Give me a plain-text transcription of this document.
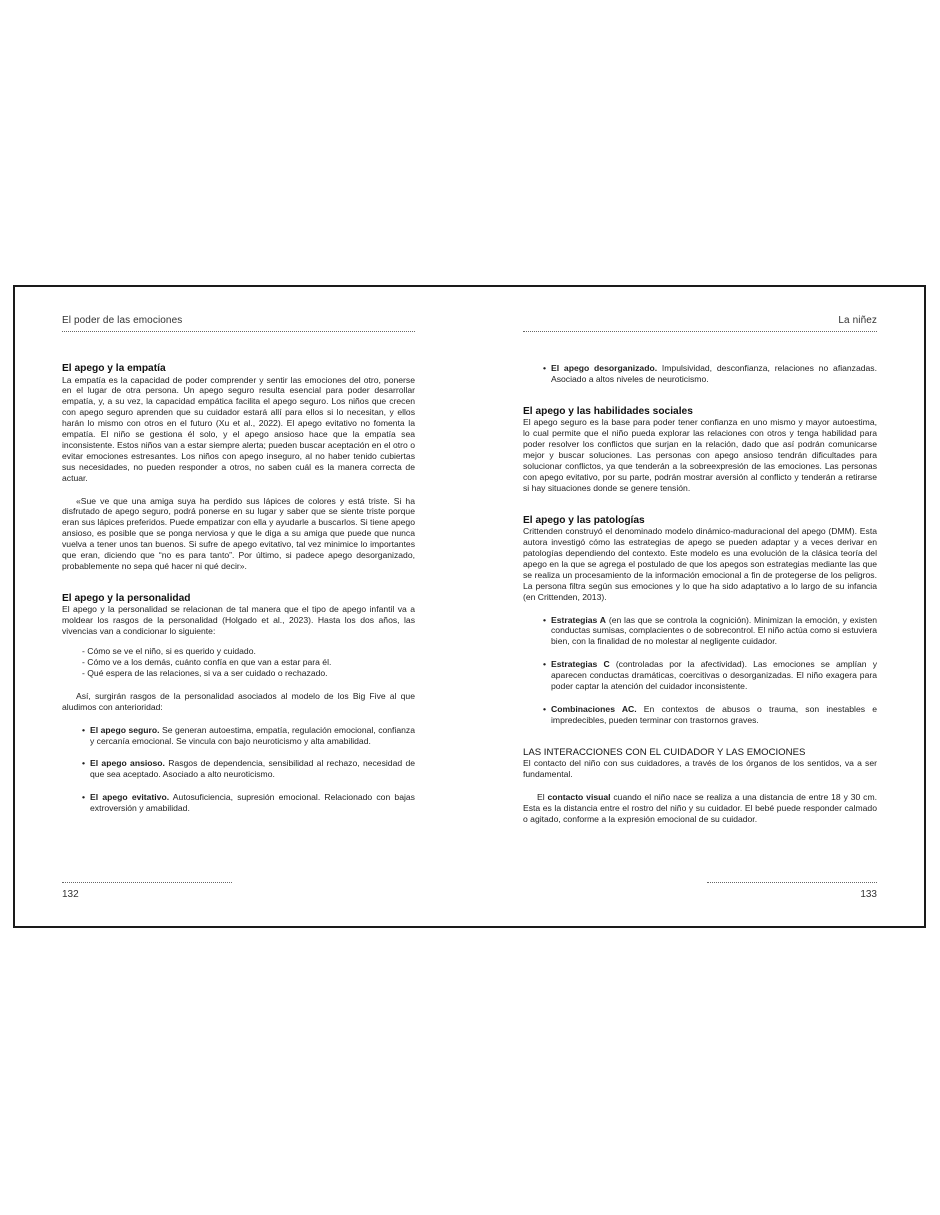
El poder de las emociones
El apego y la empatía

La empatía es la capacidad de poder comprender y sentir las emociones del otro, ponerse en el lugar de otra persona. Un apego seguro resulta esencial para poder desarrollar empatía, y, a su vez, la capacidad empática facilita el apego seguro. Los niños que crecen con apego seguro aprenden que su cuidador estará allí para ellos si lo necesitan, y ellos harán lo mismo con otros en el futuro (Xu et al., 2022). El apego evitativo no fomenta la empatía. El niño se gestiona él solo, y el apego ansioso hace que la empatía sea inconsistente. Estos niños van a estar siempre alerta; pueden buscar aceptación en el otro o evitar emociones estresantes. Los niños con apego inseguro, al no haber tenido cubiertas sus necesidades, no pueden responder a otros, no saben cuál es la manera correcta de actuar.

«Sue ve que una amiga suya ha perdido sus lápices de colores y está triste. Si ha disfrutado de apego seguro, podrá ponerse en su lugar y saber que se siente triste porque eran sus lápices preferidos. Puede empatizar con ella y ayudarle a buscarlos. Si tiene apego ansioso, es posible que se ponga nerviosa y que le diga a su amiga que puede que nunca vuelva a tener unos tan buenos. Si sufre de apego evitativo, tal vez minimice lo importantes que eran, diciendo que “no es para tanto”. Por último, si padece apego desorganizado, probablemente no sepa qué hacer ni qué decir».

El apego y la personalidad

El apego y la personalidad se relacionan de tal manera que el tipo de apego infantil va a moldear los rasgos de la personalidad (Holgado et al., 2023). Hasta los dos años, las vivencias van a condicionar lo siguiente:

- Cómo se ve el niño, si es querido y cuidado.
- Cómo ve a los demás, cuánto confía en que van a estar para él.
- Qué espera de las relaciones, si va a ser cuidado o rechazado.

Así, surgirán rasgos de la personalidad asociados al modelo de los Big Five al que aludimos con anterioridad:

• El apego seguro. Se generan autoestima, empatía, regulación emocional, confianza y cercanía emocional. Se vincula con bajo neuroticismo y alta amabilidad.
• El apego ansioso. Rasgos de dependencia, sensibilidad al rechazo, necesidad de que sea aceptado. Asociado a alto neuroticismo.
• El apego evitativo. Autosuficiencia, supresión emocional. Relacionado con bajas extroversión y amabilidad.
132
La niñez
• El apego desorganizado. Impulsividad, desconfianza, relaciones no afianzadas. Asociado a altos niveles de neuroticismo.
El apego y las habilidades sociales

El apego seguro es la base para poder tener confianza en uno mismo y mayor autoestima, lo cual permite que el niño pueda explorar las relaciones con otros y tenga habilidad para poder resolver los conflictos que surjan en la relación, dado que así podrán comunicarse mejor y buscar soluciones. Las personas con apego ansioso tendrán dificultades para solucionar conflictos, ya que tenderán a la sobreexpresión de las emociones. Las personas con apego evitativo, por su parte, podrán mostrar aversión al conflicto y tenderán a retirarse si hay situaciones donde se genere tensión.

El apego y las patologías

Crittenden construyó el denominado modelo dinámico-maduracional del apego (DMM). Esta autora investigó cómo las estrategias de apego se pueden adaptar y a veces derivar en patologías dependiendo del contexto. Este modelo es una evolución de la clásica teoría del apego en la que se agrega el postulado de que los apegos son estrategias mediante las que se realiza un procesamiento de la información emocional a fin de protegerse de los peligros. La persona filtra según sus emociones y lo que ha sido adaptativo a lo largo de su infancia (en Crittenden, 2013).

• Estrategias A (en las que se controla la cognición). Minimizan la emoción, y existen conductas sumisas, complacientes o de sobrecontrol. El niño actúa como si estuviera bien, con la finalidad de no molestar al negligente cuidador.
• Estrategias C (controladas por la afectividad). Las emociones se amplían y aparecen conductas dramáticas, coercitivas o desorganizadas. El niño exagera para poder captar la atención del cuidador inconsistente.
• Combinaciones AC. En contextos de abusos o trauma, son inestables e impredecibles, pueden terminar con trastornos graves.
LAS INTERACCIONES CON EL CUIDADOR Y LAS EMOCIONES

El contacto del niño con sus cuidadores, a través de los órganos de los sentidos, va a ser fundamental.

El contacto visual cuando el niño nace se realiza a una distancia de entre 18 y 30 cm. Esta es la distancia entre el rostro del niño y su cuidador. El bebé puede responder calmado o agitado, conforme a la expresión emocional de su cuidador.

133
